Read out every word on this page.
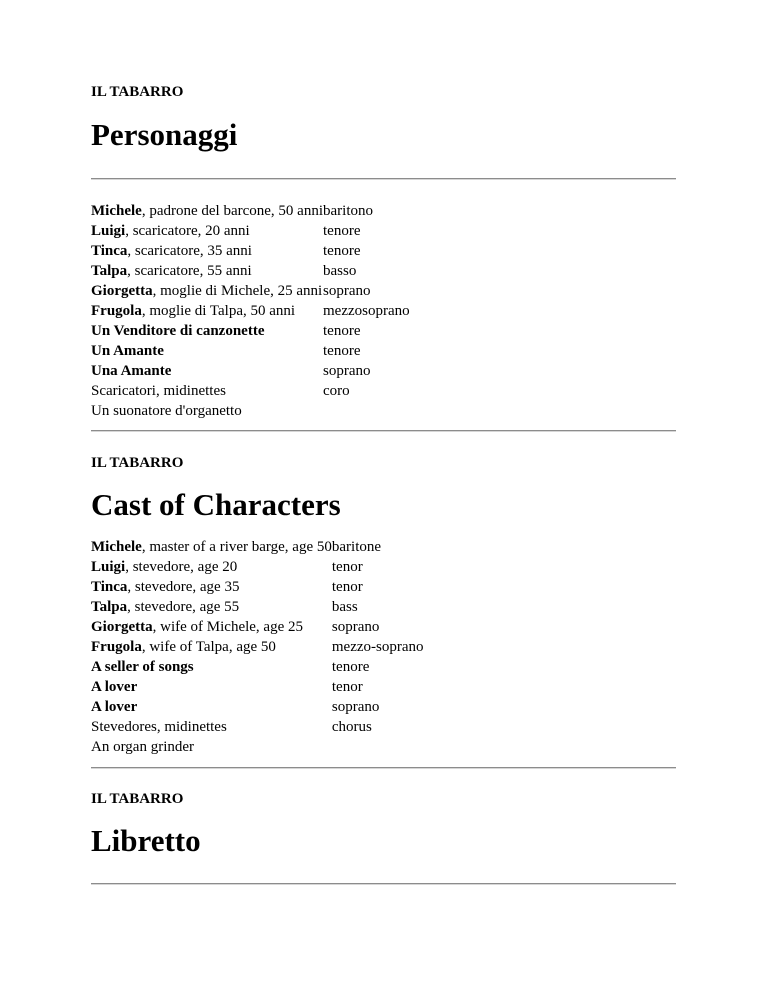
IL TABARRO
Personaggi
Michele, padrone del barcone, 50 anni	baritono
Luigi, scaricatore, 20 anni	tenore
Tinca, scaricatore, 35 anni	tenore
Talpa, scaricatore, 55 anni	basso
Giorgetta, moglie di Michele, 25 anni	soprano
Frugola, moglie di Talpa, 50 anni	mezzosoprano
Un Venditore di canzonette	tenore
Un Amante	tenore
Una Amante	soprano
Scaricatori, midinettes	coro
Un suonatore d'organetto	
IL TABARRO
Cast of Characters
Michele, master of a river barge, age 50	baritone
Luigi, stevedore, age 20	tenor
Tinca, stevedore, age 35	tenor
Talpa, stevedore, age 55	bass
Giorgetta, wife of Michele, age 25	soprano
Frugola, wife of Talpa, age 50	mezzo-soprano
A seller of songs	tenore
A lover	tenor
A lover	soprano
Stevedores, midinettes	chorus
An organ grinder	
IL TABARRO
Libretto
